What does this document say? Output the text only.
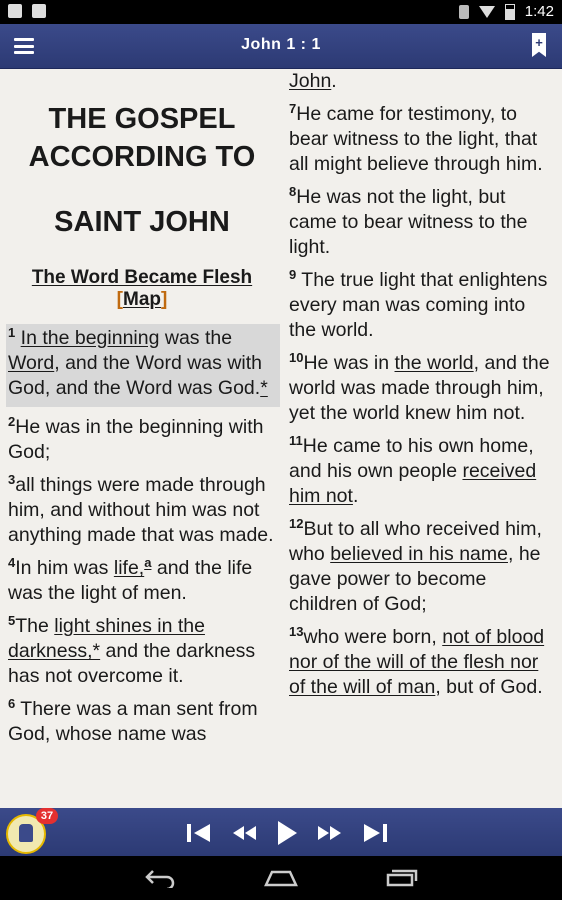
1:42
John 1 : 1	+
THE GOSPEL
ACCORDING TO
SAINT JOHN
The Word Became Flesh
[Map]
$^1$ In the beginning was the Word, and the Word was with God, and the Word was God.*
$^2$He was in the beginning with God;
$^3$all things were made through him, and without him was not anything made that was made.
$^4$In him was life,$^a$ and the life was the light of men.
$^5$The light shines in the darkness,* and the darkness has not overcome it.
$^6$ There was a man sent from God, whose name was
John.
$^7$He came for testimony, to bear witness to the light, that all might believe through him.
$^8$He was not the light, but came to bear witness to the light.
$^9$ The true light that enlightens every man was coming into the world.
$^{10}$He was in the world, and the world was made through him, yet the world knew him not.
$^{11}$He came to his own home, and his own people received him not.
$^{12}$But to all who received him, who believed in his name, he gave power to become children of God;
$^{13}$who were born, not of blood nor of the will of the flesh nor of the will of man, but of God.
37
